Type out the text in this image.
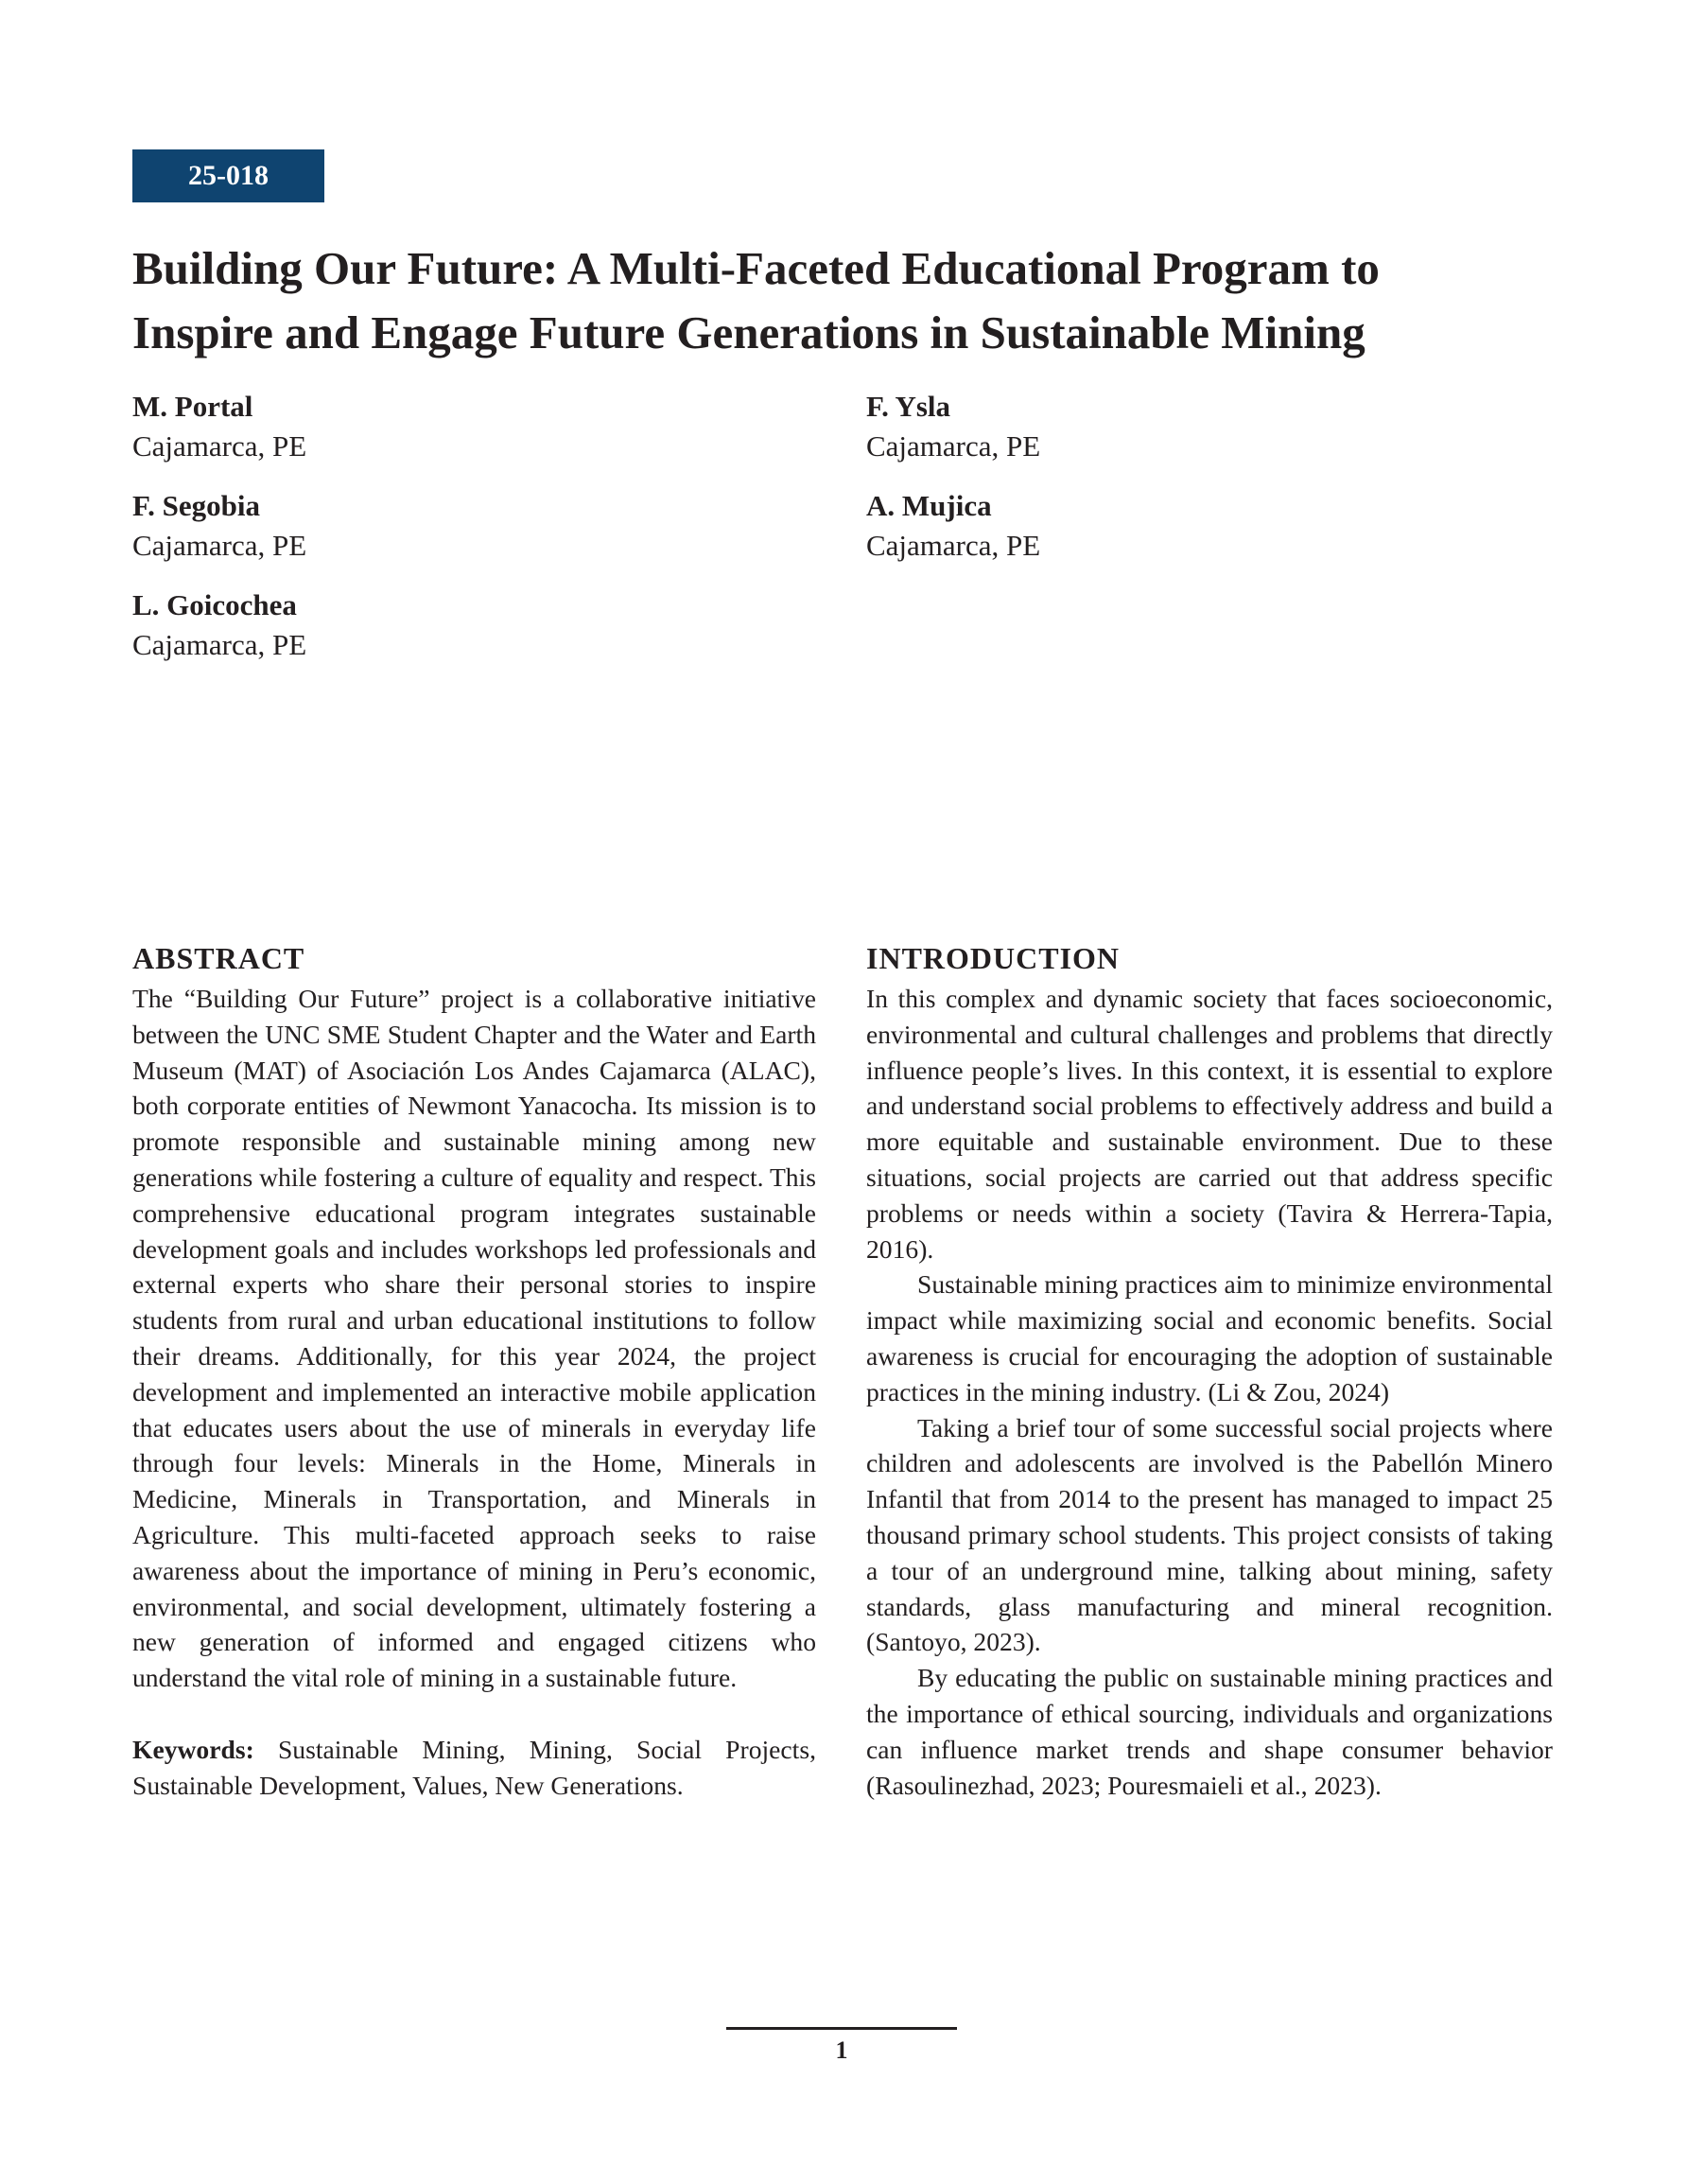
25-018
Building Our Future: A Multi-Faceted Educational Program to
Inspire and Engage Future Generations in Sustainable Mining
M. Portal
Cajamarca, PE
F. Segobia
Cajamarca, PE
L. Goicochea
Cajamarca, PE
F. Ysla
Cajamarca, PE
A. Mujica
Cajamarca, PE
ABSTRACT

The “Building Our Future” project is a collaborative initiative between the UNC SME Student Chapter and the Water and Earth Museum (MAT) of Asociación Los Andes Cajamarca (ALAC), both corporate entities of Newmont Yanacocha. Its mission is to promote responsible and sustainable mining among new generations while fostering a culture of equality and respect. This comprehensive educational program integrates sustainable development goals and includes workshops led professionals and external experts who share their personal stories to inspire students from rural and urban educational institutions to follow their dreams. Additionally, for this year 2024, the project development and implemented an interactive mobile application that educates users about the use of minerals in everyday life through four levels: Minerals in the Home, Minerals in Medicine, Minerals in Transportation, and Minerals in Agriculture. This multi-faceted approach seeks to raise awareness about the importance of mining in Peru’s economic, environmental, and social development, ultimately fostering a new generation of informed and engaged citizens who understand the vital role of mining in a sustainable future.

Keywords: Sustainable Mining, Mining, Social Projects, Sustainable Development, Values, New Generations.

INTRODUCTION

In this complex and dynamic society that faces socioeconomic, environmental and cultural challenges and problems that directly influence people’s lives. In this context, it is essential to explore and understand social problems to effectively address and build a more equitable and sustainable environment. Due to these situations, social projects are carried out that address specific problems or needs within a society (Tavira & Herrera-Tapia, 2016).

Sustainable mining practices aim to minimize environmental impact while maximizing social and economic benefits. Social awareness is crucial for encouraging the adoption of sustainable practices in the mining industry. (Li & Zou, 2024)

Taking a brief tour of some successful social projects where children and adolescents are involved is the Pabellón Minero Infantil that from 2014 to the present has managed to impact 25 thousand primary school students. This project consists of taking a tour of an underground mine, talking about mining, safety standards, glass manufacturing and mineral recognition. (Santoyo, 2023).

By educating the public on sustainable mining practices and the importance of ethical sourcing, individuals and organizations can influence market trends and shape consumer behavior (Rasoulinezhad, 2023; Pouresmaieli et al., 2023).

1
